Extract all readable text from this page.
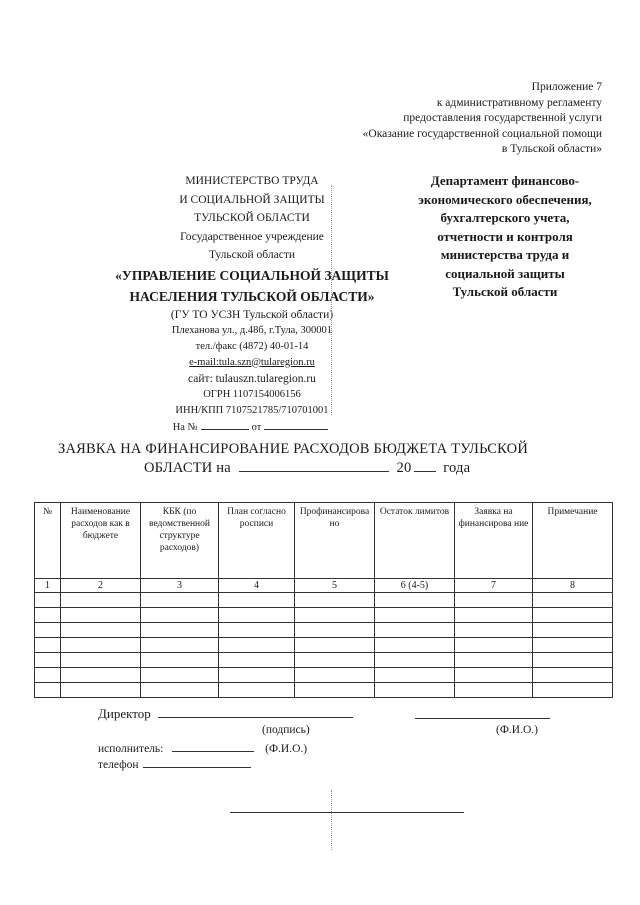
Приложение 7
к административному регламенту
предоставления государственной услуги
«Оказание государственной социальной помощи
в Тульской области»
МИНИСТЕРСТВО ТРУДА
И СОЦИАЛЬНОЙ ЗАЩИТЫ
ТУЛЬСКОЙ ОБЛАСТИ
Государственное учреждение
Тульской области
«УПРАВЛЕНИЕ СОЦИАЛЬНОЙ ЗАЩИТЫ
НАСЕЛЕНИЯ ТУЛЬСКОЙ ОБЛАСТИ»
(ГУ ТО УСЗН Тульской области)
Плеханова ул., д.48б, г.Тула, 300001
тел./факс (4872) 40-01-14
e-mail:tula.szn@tularegion.ru
сайт: tulauszn.tularegion.ru
ОГРН 1107154006156
ИНН/КПП 7107521785/710701001
На №	от
Департамент финансово-
экономического обеспечения,
бухгалтерского учета,
отчетности и контроля
министерства труда и
социальной защиты
Тульской области
ЗАЯВКА НА ФИНАНСИРОВАНИЕ РАСХОДОВ БЮДЖЕТА ТУЛЬСКОЙ
ОБЛАСТИ на	20 года
№	Наименование расходов как в бюджете	КБК (по ведомственной структуре расходов)	План согласно росписи	Профинансирова но	Остаток лимитов	Заявка на финансирова ние	Примечание
1	2	3	4	5	6 (4-5)	7	8

Директор
(подпись)	(Ф.И.О.)
исполнитель:	(Ф.И.О.)
телефон
